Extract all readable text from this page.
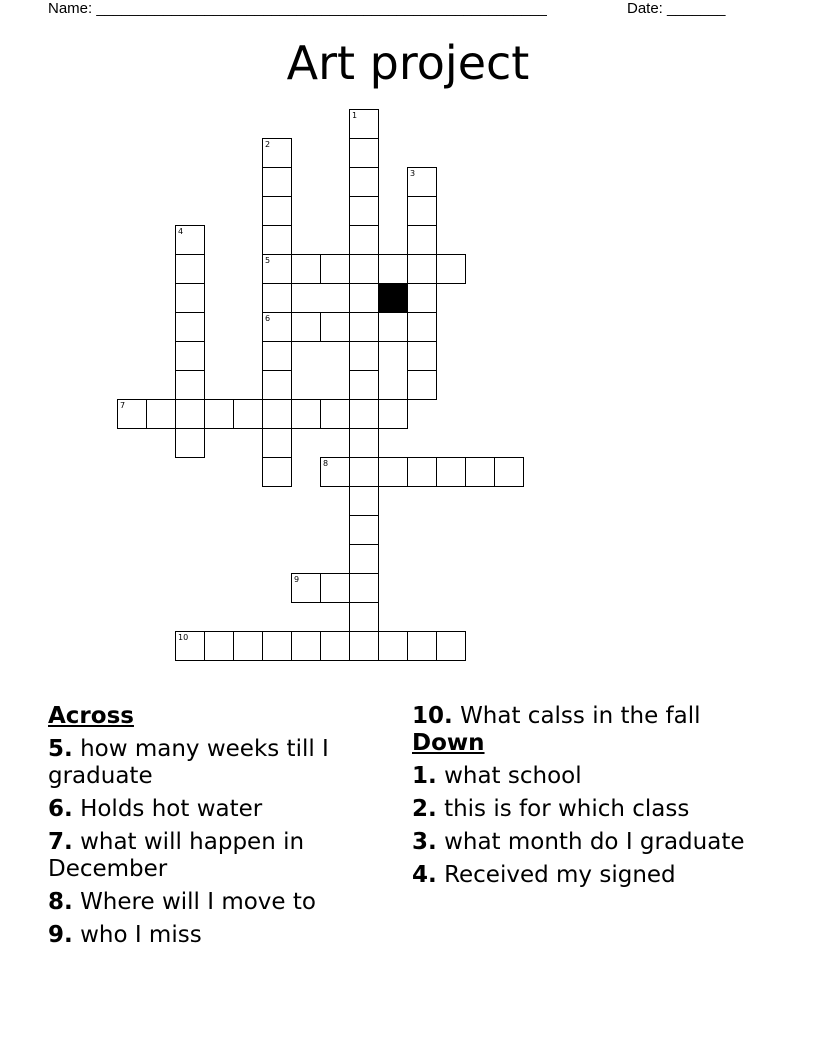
Name: ______________________________________________________	Date: _______
Art project
1
2
3
4
5
6
7
8
9
10
Across
5. how many weeks till I graduate
6. Holds hot water
7. what will happen in December
8. Where will I move to
9. who I miss
10. What calss in the fall
Down
1. what school
2. this is for which class
3. what month do I graduate
4. Received my signed
